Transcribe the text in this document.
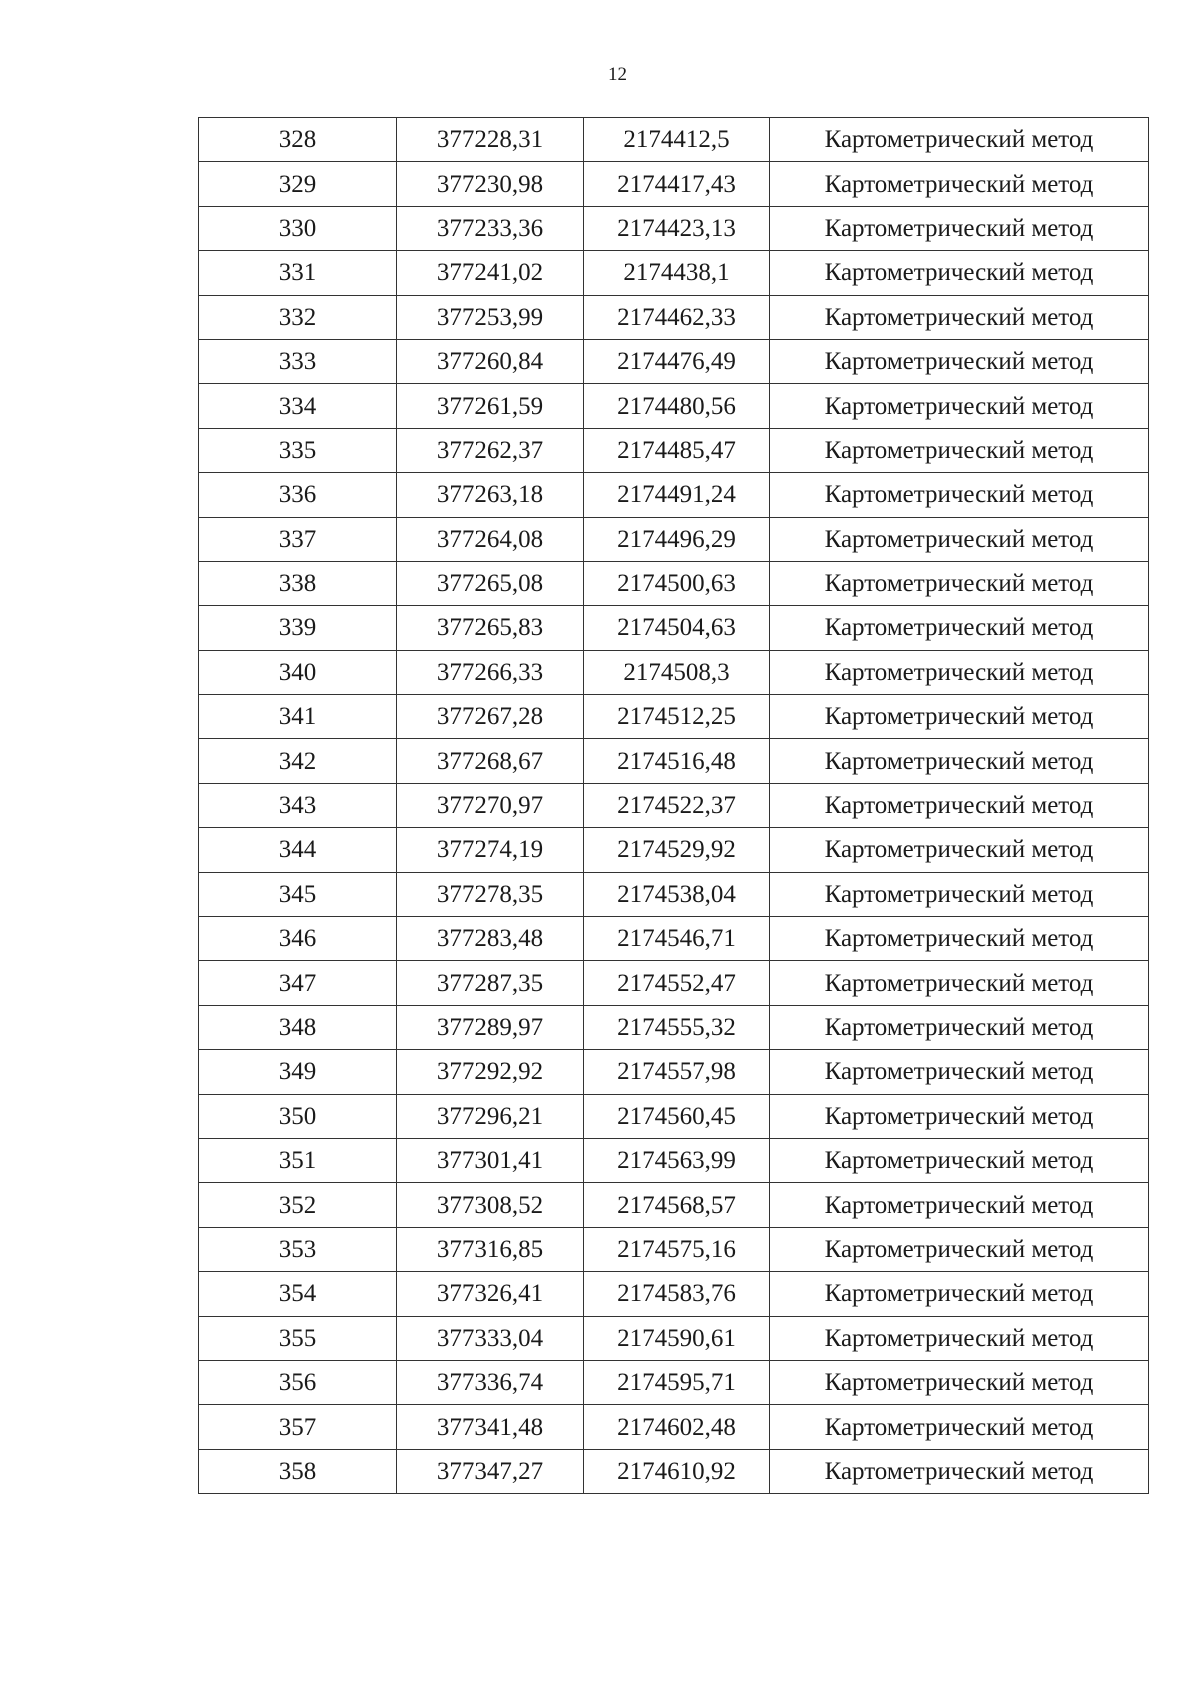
12
328	377228,31	2174412,5	Картометрический метод
329	377230,98	2174417,43	Картометрический метод
330	377233,36	2174423,13	Картометрический метод
331	377241,02	2174438,1	Картометрический метод
332	377253,99	2174462,33	Картометрический метод
333	377260,84	2174476,49	Картометрический метод
334	377261,59	2174480,56	Картометрический метод
335	377262,37	2174485,47	Картометрический метод
336	377263,18	2174491,24	Картометрический метод
337	377264,08	2174496,29	Картометрический метод
338	377265,08	2174500,63	Картометрический метод
339	377265,83	2174504,63	Картометрический метод
340	377266,33	2174508,3	Картометрический метод
341	377267,28	2174512,25	Картометрический метод
342	377268,67	2174516,48	Картометрический метод
343	377270,97	2174522,37	Картометрический метод
344	377274,19	2174529,92	Картометрический метод
345	377278,35	2174538,04	Картометрический метод
346	377283,48	2174546,71	Картометрический метод
347	377287,35	2174552,47	Картометрический метод
348	377289,97	2174555,32	Картометрический метод
349	377292,92	2174557,98	Картометрический метод
350	377296,21	2174560,45	Картометрический метод
351	377301,41	2174563,99	Картометрический метод
352	377308,52	2174568,57	Картометрический метод
353	377316,85	2174575,16	Картометрический метод
354	377326,41	2174583,76	Картометрический метод
355	377333,04	2174590,61	Картометрический метод
356	377336,74	2174595,71	Картометрический метод
357	377341,48	2174602,48	Картометрический метод
358	377347,27	2174610,92	Картометрический метод
